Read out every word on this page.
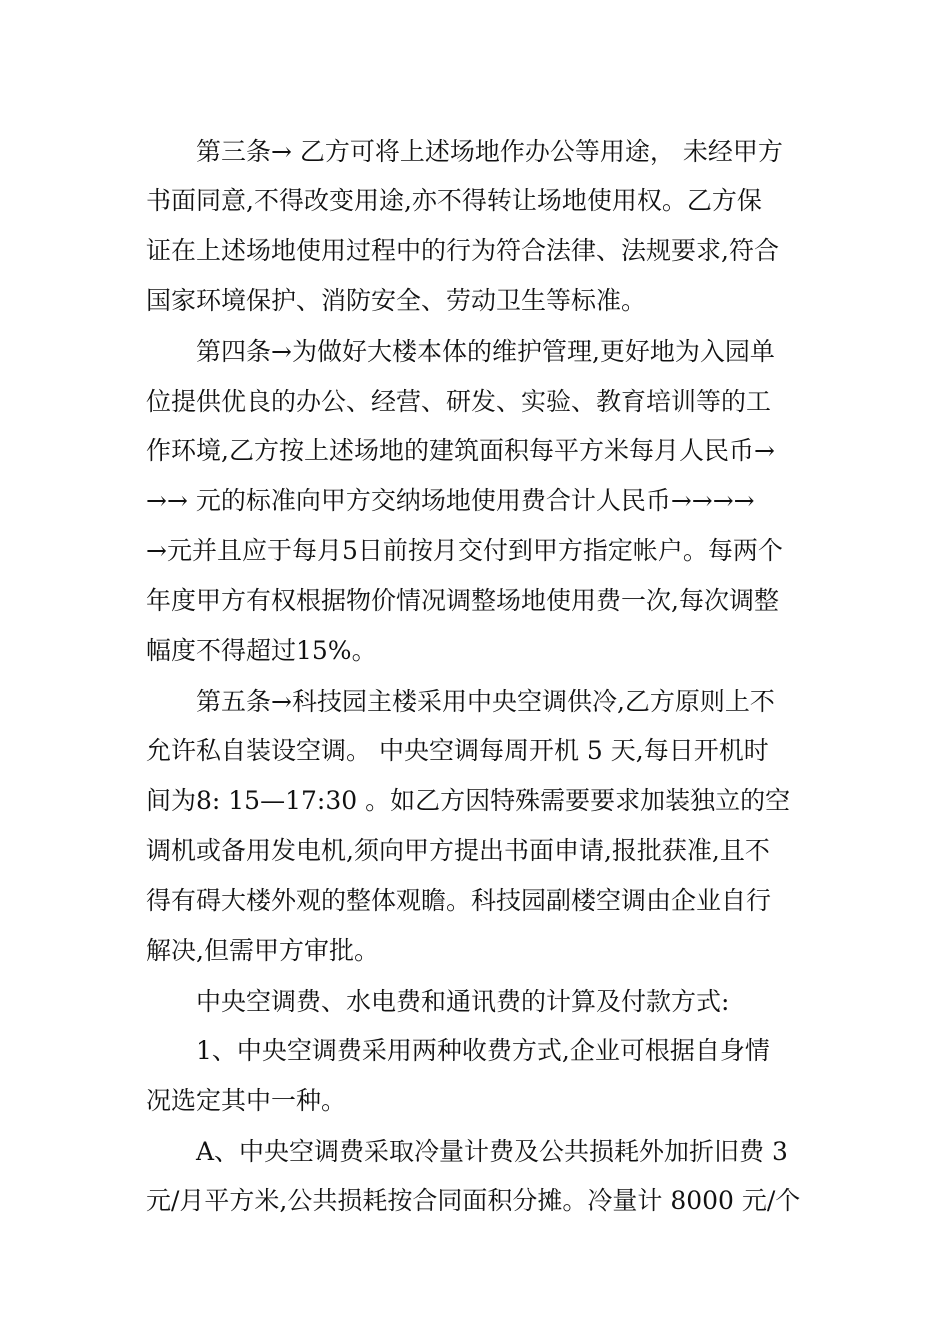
第三条→ 乙方可将上述场地作办公等用途， 未经甲方
书面同意,不得改变用途,亦不得转让场地使用权。乙方保
证在上述场地使用过程中的行为符合法律、法规要求,符合
国家环境保护、消防安全、劳动卫生等标准。
第四条→为做好大楼本体的维护管理,更好地为入园单
位提供优良的办公、经营、研发、实验、教育培训等的工
作环境,乙方按上述场地的建筑面积每平方米每月人民币→
→→ 元的标准向甲方交纳场地使用费合计人民币→→→→
→元并且应于每月5日前按月交付到甲方指定帐户。每两个
年度甲方有权根据物价情况调整场地使用费一次,每次调整
幅度不得超过15%。
第五条→科技园主楼采用中央空调供冷,乙方原则上不
允许私自装设空调。 中央空调每周开机 5 天,每日开机时
间为8: 15—17:30 。如乙方因特殊需要要求加装独立的空
调机或备用发电机,须向甲方提出书面申请,报批获准,且不
得有碍大楼外观的整体观瞻。科技园副楼空调由企业自行
解决,但需甲方审批。
中央空调费、水电费和通讯费的计算及付款方式:
1、中央空调费采用两种收费方式,企业可根据自身情
况选定其中一种。
A、中央空调费采取冷量计费及公共损耗外加折旧费 3
元/月平方米,公共损耗按合同面积分摊。冷量计 8000 元/个
